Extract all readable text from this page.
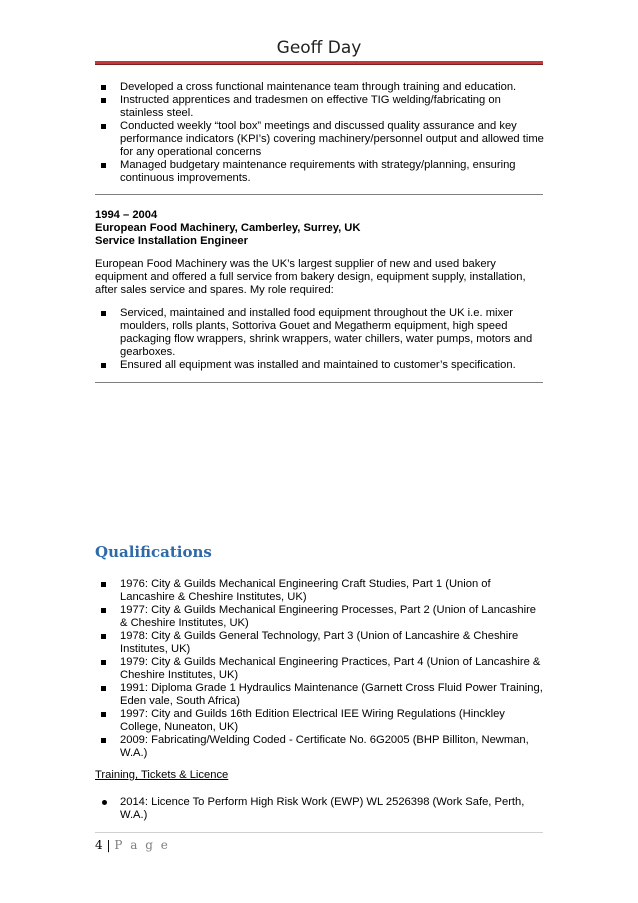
Geoff Day
Developed a cross functional maintenance team through training and education.
Instructed apprentices and tradesmen on effective TIG welding/fabricating on stainless steel.
Conducted weekly “tool box” meetings and discussed quality assurance and key performance indicators (KPI’s) covering machinery/personnel output and allowed time for any operational concerns
Managed budgetary maintenance requirements with strategy/planning, ensuring continuous improvements.
1994 – 2004
European Food Machinery, Camberley, Surrey, UK
Service Installation Engineer
European Food Machinery was the UK’s largest supplier of new and used bakery equipment and offered a full service from bakery design, equipment supply, installation, after sales service and spares. My role required:
Serviced, maintained and installed food equipment throughout the UK i.e. mixer moulders, rolls plants, Sottoriva Gouet and Megatherm equipment, high speed packaging flow wrappers, shrink wrappers, water chillers, water pumps, motors and gearboxes.
Ensured all equipment was installed and maintained to customer’s specification.
Qualifications
1976: City & Guilds Mechanical Engineering Craft Studies, Part 1 (Union of Lancashire & Cheshire Institutes, UK)
1977: City & Guilds Mechanical Engineering Processes, Part 2 (Union of Lancashire & Cheshire Institutes, UK)
1978: City & Guilds General Technology, Part 3 (Union of Lancashire & Cheshire Institutes, UK)
1979: City & Guilds Mechanical Engineering Practices, Part 4 (Union of Lancashire & Cheshire Institutes, UK)
1991: Diploma Grade 1 Hydraulics Maintenance (Garnett Cross Fluid Power Training, Eden vale, South Africa)
1997: City and Guilds 16th Edition Electrical IEE Wiring Regulations (Hinckley College, Nuneaton, UK)
2009: Fabricating/Welding Coded - Certificate No. 6G2005 (BHP Billiton, Newman, W.A.)
Training, Tickets & Licence
2014: Licence To Perform High Risk Work (EWP) WL 2526398 (Work Safe, Perth, W.A.)
4 | P a g e
